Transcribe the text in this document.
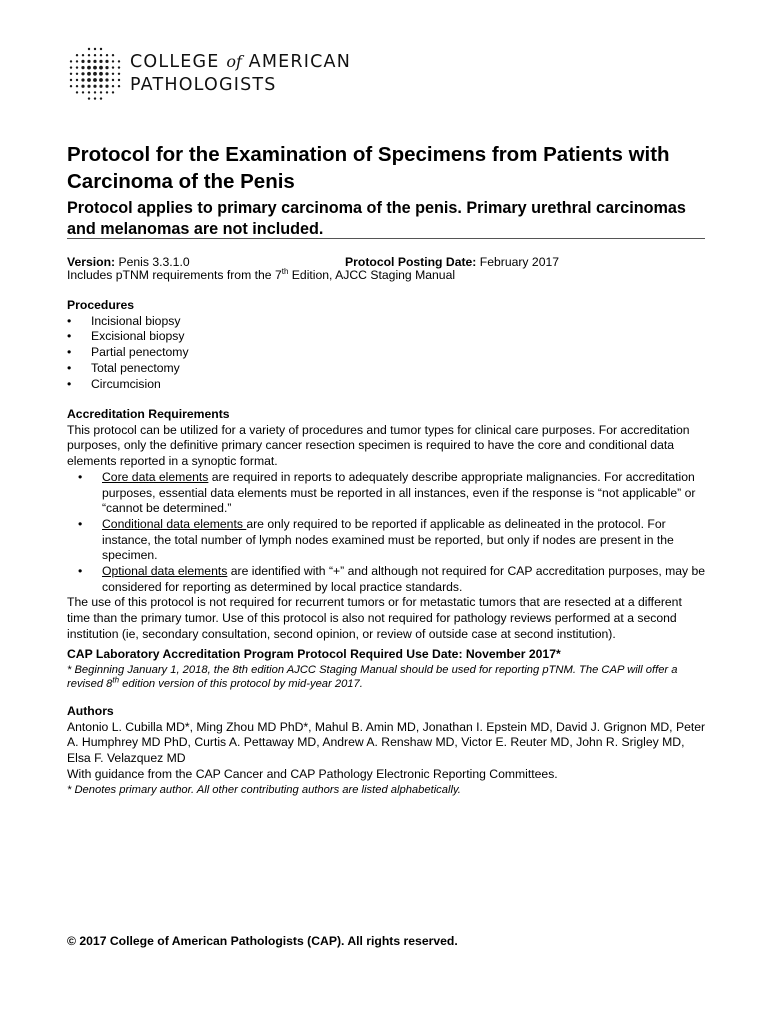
COLLEGE of AMERICAN
PATHOLOGISTS
Protocol for the Examination of Specimens from Patients with Carcinoma of the Penis
Protocol applies to primary carcinoma of the penis. Primary urethral carcinomas and melanomas are not included.
Version: Penis 3.3.1.0	Protocol Posting Date: February 2017
Includes pTNM requirements from the 7th Edition, AJCC Staging Manual
Procedures
• Incisional biopsy
• Excisional biopsy
• Partial penectomy
• Total penectomy
• Circumcision
Accreditation Requirements
This protocol can be utilized for a variety of procedures and tumor types for clinical care purposes. For accreditation purposes, only the definitive primary cancer resection specimen is required to have the core and conditional data elements reported in a synoptic format.
• Core data elements are required in reports to adequately describe appropriate malignancies. For accreditation purposes, essential data elements must be reported in all instances, even if the response is “not applicable” or “cannot be determined.”
• Conditional data elements are only required to be reported if applicable as delineated in the protocol. For instance, the total number of lymph nodes examined must be reported, but only if nodes are present in the specimen.
• Optional data elements are identified with “+” and although not required for CAP accreditation purposes, may be considered for reporting as determined by local practice standards.
The use of this protocol is not required for recurrent tumors or for metastatic tumors that are resected at a different time than the primary tumor. Use of this protocol is also not required for pathology reviews performed at a second institution (ie, secondary consultation, second opinion, or review of outside case at second institution).
CAP Laboratory Accreditation Program Protocol Required Use Date: November 2017*
* Beginning January 1, 2018, the 8th edition AJCC Staging Manual should be used for reporting pTNM. The CAP will offer a revised 8th edition version of this protocol by mid-year 2017.
Authors
Antonio L. Cubilla MD*, Ming Zhou MD PhD*, Mahul B. Amin MD, Jonathan I. Epstein MD, David J. Grignon MD, Peter A. Humphrey MD PhD, Curtis A. Pettaway MD, Andrew A. Renshaw MD, Victor E. Reuter MD, John R. Srigley MD, Elsa F. Velazquez MD
With guidance from the CAP Cancer and CAP Pathology Electronic Reporting Committees.
* Denotes primary author. All other contributing authors are listed alphabetically.
© 2017 College of American Pathologists (CAP). All rights reserved.
